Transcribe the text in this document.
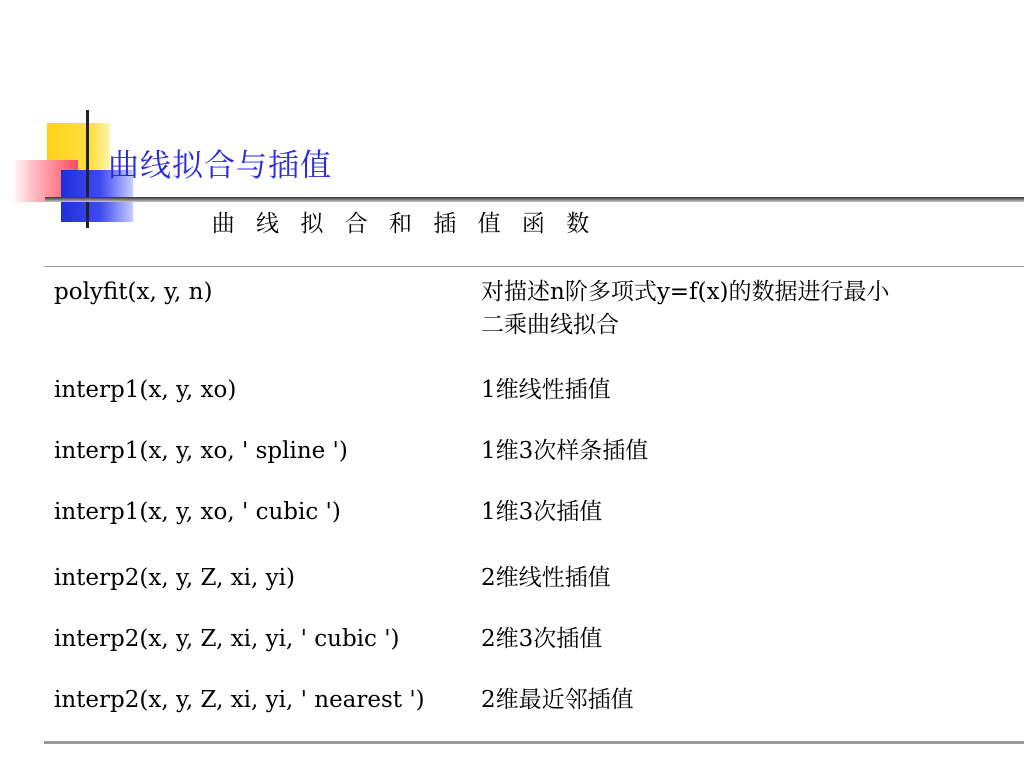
曲线拟合与插值
曲 线 拟 合 和 插 值 函 数
polyfit(x, y, n)	对描述n阶多项式y=f(x)的数据进行最小二乘曲线拟合
interp1(x, y, xo)	1维线性插值
interp1(x, y, xo, ' spline ')	1维3次样条插值
interp1(x, y, xo, ' cubic ')	1维3次插值
interp2(x, y, Z, xi, yi)	2维线性插值
interp2(x, y, Z, xi, yi, ' cubic ')	2维3次插值
interp2(x, y, Z, xi, yi, ' nearest ') 2维最近邻插值
